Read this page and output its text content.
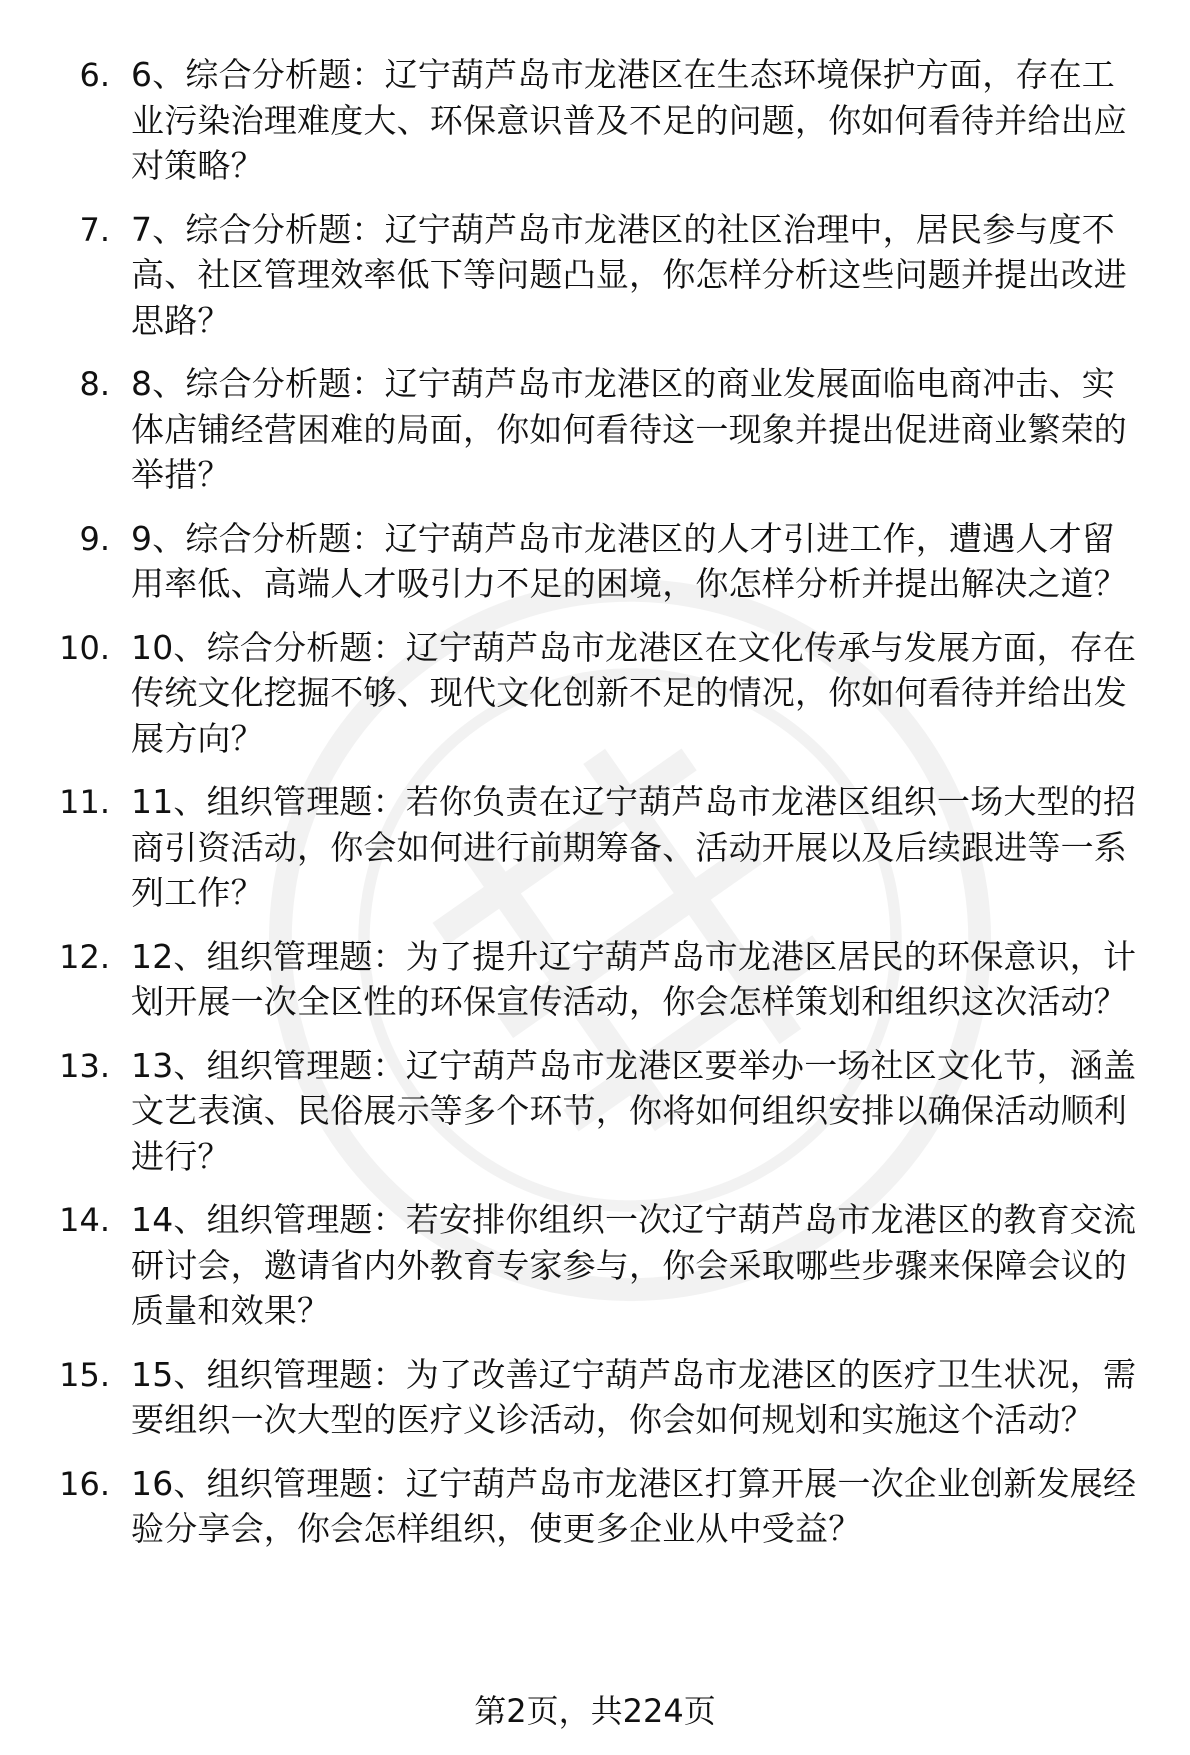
6. 6、综合分析题：辽宁葫芦岛市龙港区在生态环境保护方面，存在工业污染治理难度大、环保意识普及不足的问题，你如何看待并给出应对策略？
7. 7、综合分析题：辽宁葫芦岛市龙港区的社区治理中，居民参与度不高、社区管理效率低下等问题凸显，你怎样分析这些问题并提出改进思路？
8. 8、综合分析题：辽宁葫芦岛市龙港区的商业发展面临电商冲击、实体店铺经营困难的局面，你如何看待这一现象并提出促进商业繁荣的举措？
9. 9、综合分析题：辽宁葫芦岛市龙港区的人才引进工作，遭遇人才留用率低、高端人才吸引力不足的困境，你怎样分析并提出解决之道？
10. 10、综合分析题：辽宁葫芦岛市龙港区在文化传承与发展方面，存在传统文化挖掘不够、现代文化创新不足的情况，你如何看待并给出发展方向？
11. 11、组织管理题：若你负责在辽宁葫芦岛市龙港区组织一场大型的招商引资活动，你会如何进行前期筹备、活动开展以及后续跟进等一系列工作？
12. 12、组织管理题：为了提升辽宁葫芦岛市龙港区居民的环保意识，计划开展一次全区性的环保宣传活动，你会怎样策划和组织这次活动？
13. 13、组织管理题：辽宁葫芦岛市龙港区要举办一场社区文化节，涵盖文艺表演、民俗展示等多个环节，你将如何组织安排以确保活动顺利进行？
14. 14、组织管理题：若安排你组织一次辽宁葫芦岛市龙港区的教育交流研讨会，邀请省内外教育专家参与，你会采取哪些步骤来保障会议的质量和效果？
15. 15、组织管理题：为了改善辽宁葫芦岛市龙港区的医疗卫生状况，需要组织一次大型的医疗义诊活动，你会如何规划和实施这个活动？
16. 16、组织管理题：辽宁葫芦岛市龙港区打算开展一次企业创新发展经验分享会，你会怎样组织，使更多企业从中受益？
第2页，共224页
